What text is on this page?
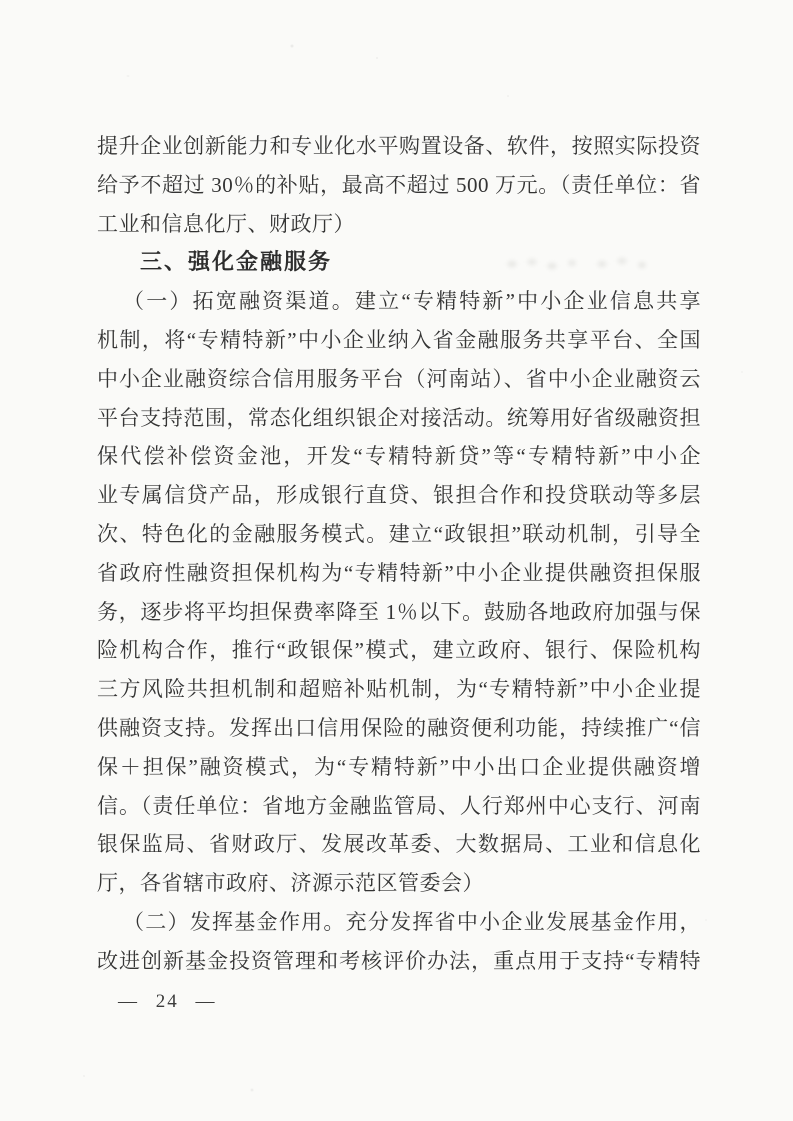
提升企业创新能力和专业化水平购置设备、软件，按照实际投资
给予不超过 30％的补贴，最高不超过 500 万元。（责任单位：省
工业和信息化厅、财政厅）
三、强化金融服务
（一）拓宽融资渠道。建立“专精特新”中小企业信息共享
机制，将“专精特新”中小企业纳入省金融服务共享平台、全国
中小企业融资综合信用服务平台（河南站）、省中小企业融资云
平台支持范围，常态化组织银企对接活动。统筹用好省级融资担
保代偿补偿资金池，开发“专精特新贷”等“专精特新”中小企
业专属信贷产品，形成银行直贷、银担合作和投贷联动等多层
次、特色化的金融服务模式。建立“政银担”联动机制，引导全
省政府性融资担保机构为“专精特新”中小企业提供融资担保服
务，逐步将平均担保费率降至 1％以下。鼓励各地政府加强与保
险机构合作，推行“政银保”模式，建立政府、银行、保险机构
三方风险共担机制和超赔补贴机制，为“专精特新”中小企业提
供融资支持。发挥出口信用保险的融资便利功能，持续推广“信
保＋担保”融资模式，为“专精特新”中小出口企业提供融资增
信。（责任单位：省地方金融监管局、人行郑州中心支行、河南
银保监局、省财政厅、发展改革委、大数据局、工业和信息化
厅，各省辖市政府、济源示范区管委会）
（二）发挥基金作用。充分发挥省中小企业发展基金作用，
改进创新基金投资管理和考核评价办法，重点用于支持“专精特
— 24 —
